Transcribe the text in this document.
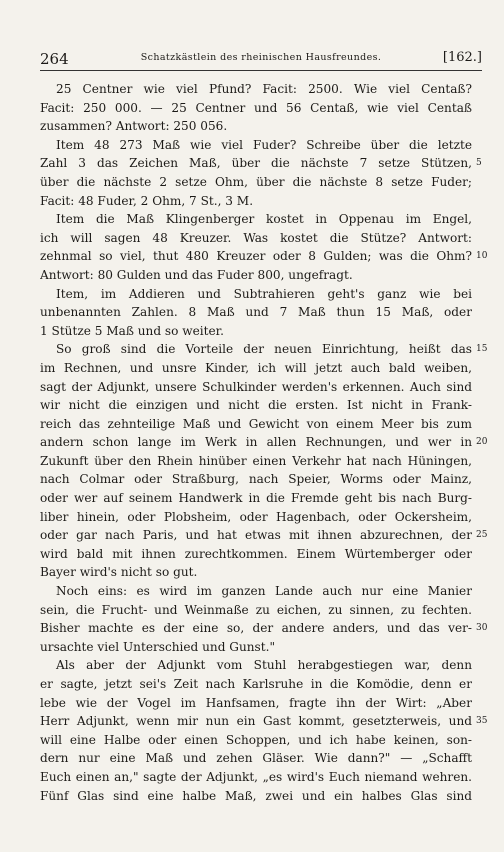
264	Schatzkästlein des rheinischen Hausfreundes.	[162.]
25 Centner wie viel Pfund? Facit: 2500. Wie viel Centaß?
Facit: 250 000. — 25 Centner und 56 Centaß, wie viel Centaß
zusammen? Antwort: 250 056.
Item 48 273 Maß wie viel Fuder? Schreibe über die letzte
Zahl 3 das Zeichen Maß, über die nächste 7 setze Stützen,
über die nächste 2 setze Ohm, über die nächste 8 setze Fuder;
Facit: 48 Fuder, 2 Ohm, 7 St., 3 M.
Item die Maß Klingenberger kostet in Oppenau im Engel,
ich will sagen 48 Kreuzer. Was kostet die Stütze? Antwort:
zehnmal so viel, thut 480 Kreuzer oder 8 Gulden; was die Ohm?
Antwort: 80 Gulden und das Fuder 800, ungefragt.
Item, im Addieren und Subtrahieren geht's ganz wie bei
unbenannten Zahlen. 8 Maß und 7 Maß thun 15 Maß, oder
1 Stütze 5 Maß und so weiter.
So groß sind die Vorteile der neuen Einrichtung, heißt das
im Rechnen, und unsre Kinder, ich will jetzt auch bald weiben,
sagt der Adjunkt, unsere Schulkinder werden's erkennen. Auch sind
wir nicht die einzigen und nicht die ersten. Ist nicht in Frank-
reich das zehnteilige Maß und Gewicht von einem Meer bis zum
andern schon lange im Werk in allen Rechnungen, und wer in
Zukunft über den Rhein hinüber einen Verkehr hat nach Hüningen,
nach Colmar oder Straßburg, nach Speier, Worms oder Mainz,
oder wer auf seinem Handwerk in die Fremde geht bis nach Burg-
liber hinein, oder Plobsheim, oder Hagenbach, oder Ockersheim,
oder gar nach Paris, und hat etwas mit ihnen abzurechnen, der
wird bald mit ihnen zurechtkommen. Einem Würtemberger oder
Bayer wird's nicht so gut.
Noch eins: es wird im ganzen Lande auch nur eine Manier
sein, die Frucht- und Weinmaße zu eichen, zu sinnen, zu fechten.
Bisher machte es der eine so, der andere anders, und das ver-
ursachte viel Unterschied und Gunst."
Als aber der Adjunkt vom Stuhl herabgestiegen war, denn
er sagte, jetzt sei's Zeit nach Karlsruhe in die Komödie, denn er
lebe wie der Vogel im Hanfsamen, fragte ihn der Wirt: „Aber
Herr Adjunkt, wenn mir nun ein Gast kommt, gesetzterweis, und
will eine Halbe oder einen Schoppen, und ich habe keinen, son-
dern nur eine Maß und zehen Gläser. Wie dann?" — „Schafft
Euch einen an," sagte der Adjunkt, „es wird's Euch niemand wehren.
Fünf Glas sind eine halbe Maß, zwei und ein halbes Glas sind
5
10
15
20
25
30
35
